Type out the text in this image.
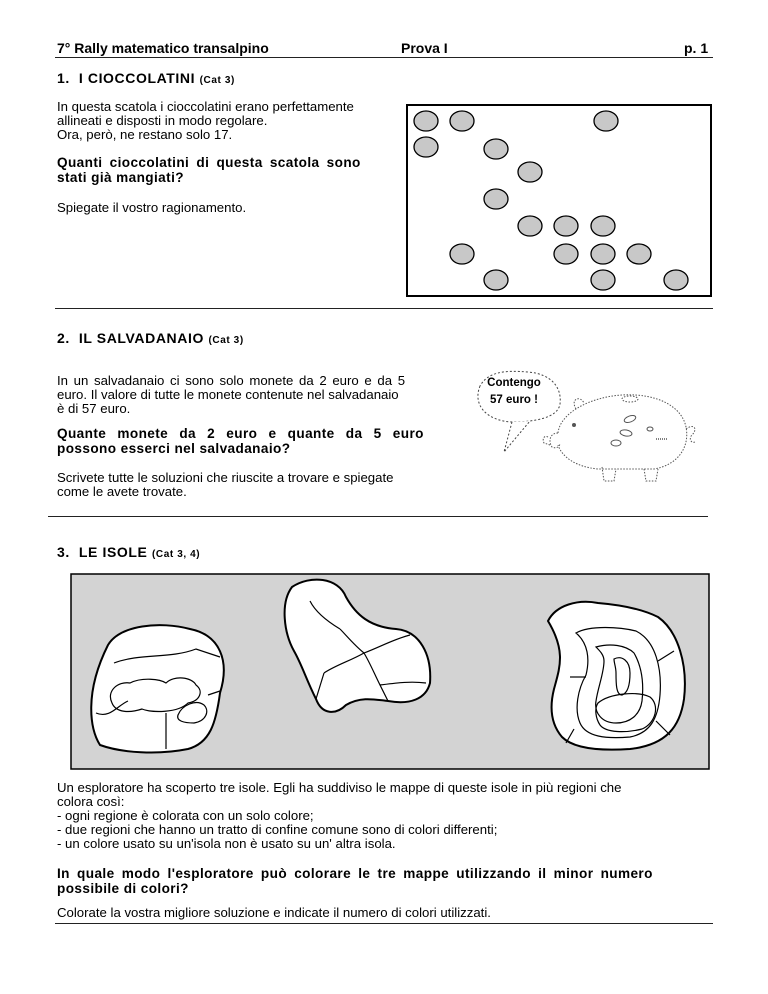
7° Rally matematico transalpino	Prova I	p. 1
1. I CIOCCOLATINI (Cat 3)
In questa scatola i cioccolatini erano perfettamente
allineati e disposti in modo regolare.
Ora, però, ne restano solo 17.
Quanti cioccolatini di questa scatola sono
stati già mangiati?
Spiegate il vostro ragionamento.
2. IL SALVADANAIO (Cat 3)
In un salvadanaio ci sono solo monete da 2 euro e da 5
euro. Il valore di tutte le monete contenute nel salvadanaio
è di 57 euro.
Quante monete da 2 euro e quante da 5 euro
possono esserci nel salvadanaio?
Scrivete tutte le soluzioni che riuscite a trovare e spiegate
come le avete trovate.
Contengo
57 euro !
3. LE ISOLE (Cat 3, 4)
Un esploratore ha scoperto tre isole. Egli ha suddiviso le mappe di queste isole in più regioni che
colora così:
- ogni regione è colorata con un solo colore;
- due regioni che hanno un tratto di confine comune sono di colori differenti;
- un colore usato su un'isola non è usato su un' altra isola.
In quale modo l'esploratore può colorare le tre mappe utilizzando il minor numero
possibile di colori?
Colorate la vostra migliore soluzione e indicate il numero di colori utilizzati.
